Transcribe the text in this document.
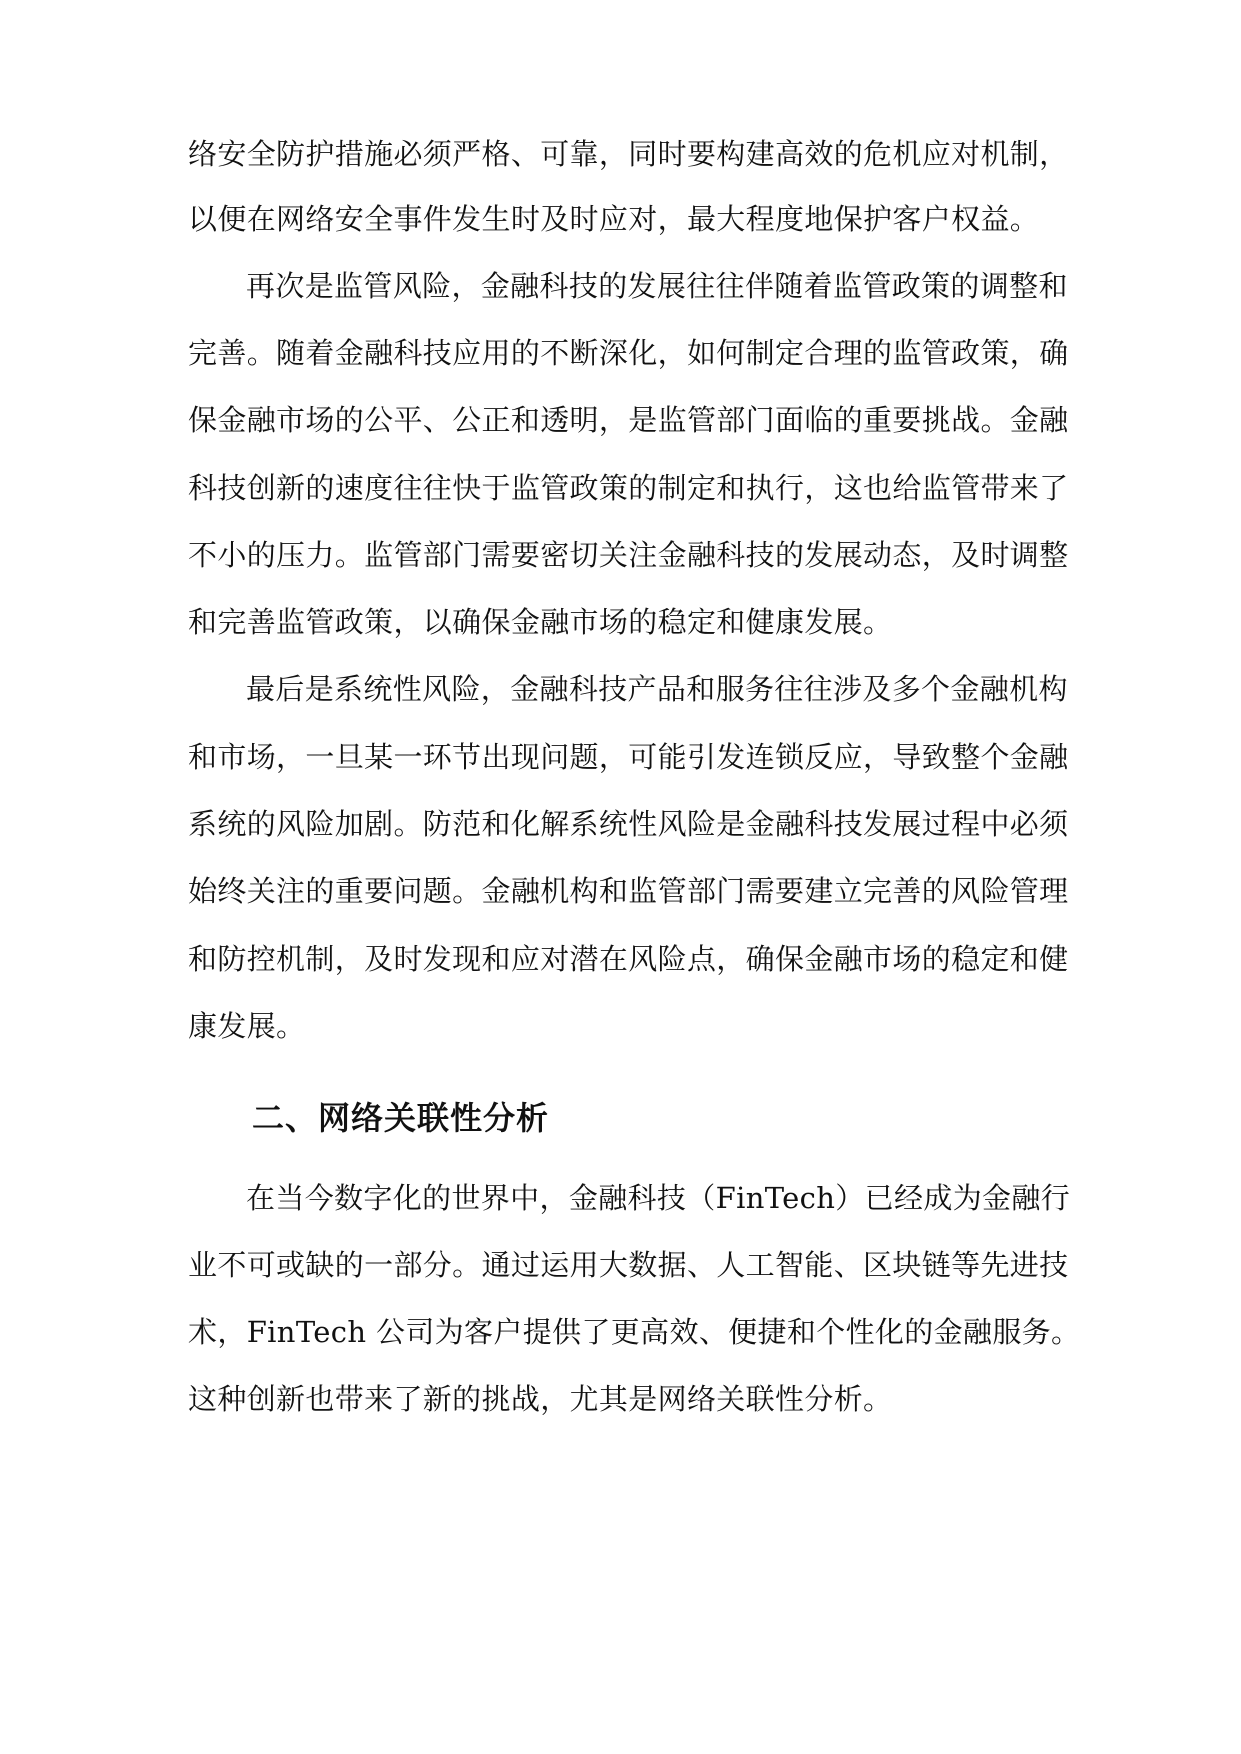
络安全防护措施必须严格、可靠，同时要构建高效的危机应对机制，
以便在网络安全事件发生时及时应对，最大程度地保护客户权益。
再次是监管风险，金融科技的发展往往伴随着监管政策的调整和
完善。随着金融科技应用的不断深化，如何制定合理的监管政策，确
保金融市场的公平、公正和透明，是监管部门面临的重要挑战。金融
科技创新的速度往往快于监管政策的制定和执行，这也给监管带来了
不小的压力。监管部门需要密切关注金融科技的发展动态，及时调整
和完善监管政策，以确保金融市场的稳定和健康发展。
最后是系统性风险，金融科技产品和服务往往涉及多个金融机构
和市场，一旦某一环节出现问题，可能引发连锁反应，导致整个金融
系统的风险加剧。防范和化解系统性风险是金融科技发展过程中必须
始终关注的重要问题。金融机构和监管部门需要建立完善的风险管理
和防控机制，及时发现和应对潜在风险点，确保金融市场的稳定和健
康发展。
二、网络关联性分析
在当今数字化的世界中，金融科技（FinTech）已经成为金融行
业不可或缺的一部分。通过运用大数据、人工智能、区块链等先进技
术，FinTech 公司为客户提供了更高效、便捷和个性化的金融服务。
这种创新也带来了新的挑战，尤其是网络关联性分析。
